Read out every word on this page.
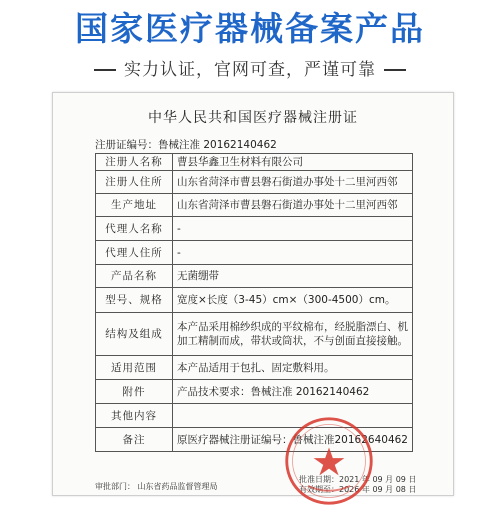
国家医疗器械备案产品
实力认证，官网可查，严谨可靠
中华人民共和国医疗器械注册证
注册证编号：鲁械注准 20162140462
注册人名称	曹县华鑫卫生材料有限公司
注册人住所	山东省菏泽市曹县磐石街道办事处十二里河西邻
生产地址	山东省菏泽市曹县磐石街道办事处十二里河西邻
代理人名称	-
代理人住所	-
产品名称	无菌绷带
型号、规格	宽度×长度（3-45）cm×（300-4500）cm。
结构及组成	本产品采用棉纱织成的平纹棉布，经脱脂漂白、机加工精制而成，带状或筒状，不与创面直接接触。
适用范围	本产品适用于包扎、固定敷料用。
附件	产品技术要求：鲁械注准 20162140462
其他内容	
备注	原医疗器械注册证编号：鲁械注准20162640462
审批部门： 山东省药品监督管理局
批准日期：2021 年 09 月 09 日
有效期至：2026 年 09 月 08 日
